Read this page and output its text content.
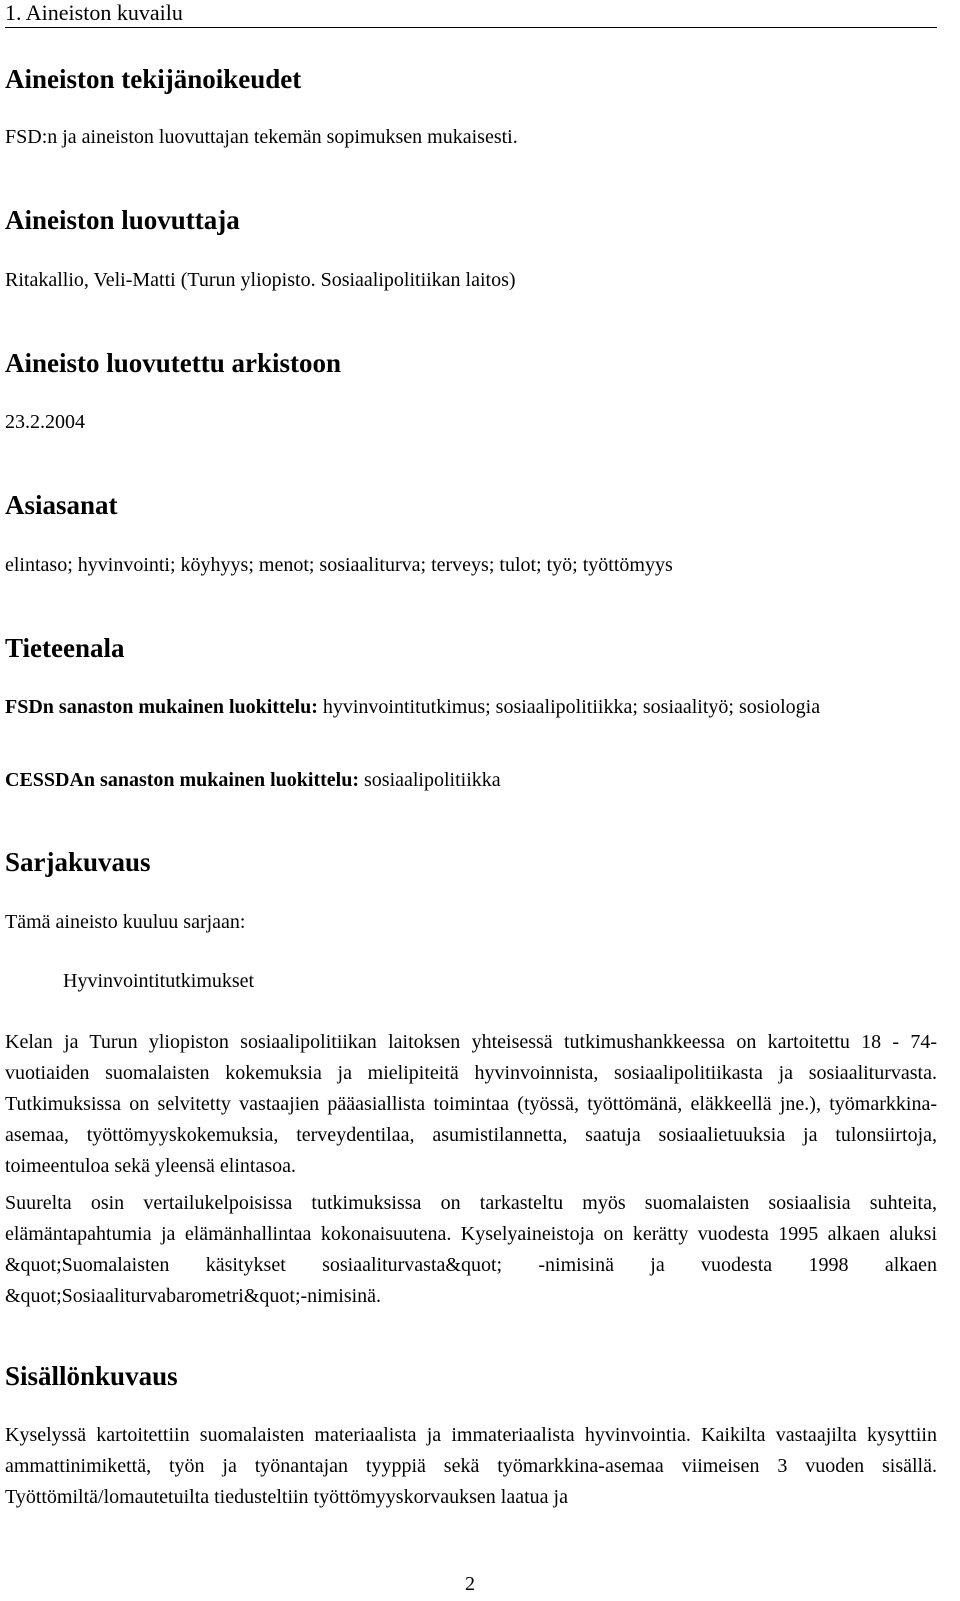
1. Aineiston kuvailu
Aineiston tekijänoikeudet

FSD:n ja aineiston luovuttajan tekemän sopimuksen mukaisesti.

Aineiston luovuttaja

Ritakallio, Veli-Matti (Turun yliopisto. Sosiaalipolitiikan laitos)

Aineisto luovutettu arkistoon

23.2.2004

Asiasanat

elintaso; hyvinvointi; köyhyys; menot; sosiaaliturva; terveys; tulot; työ; työttömyys

Tieteenala

FSDn sanaston mukainen luokittelu: hyvinvointitutkimus; sosiaalipolitiikka; sosiaalityö; sosiologia

CESSDAn sanaston mukainen luokittelu: sosiaalipolitiikka

Sarjakuvaus

Tämä aineisto kuuluu sarjaan:

Hyvinvointitutkimukset

Kelan ja Turun yliopiston sosiaalipolitiikan laitoksen yhteisessä tutkimushankkeessa on kartoitettu 18 - 74-vuotiaiden suomalaisten kokemuksia ja mielipiteitä hyvinvoinnista, sosiaalipolitiikasta ja sosiaaliturvasta. Tutkimuksissa on selvitetty vastaajien pääasiallista toimintaa (työssä, työttömänä, eläkkeellä jne.), työmarkkina-asemaa, työttömyyskokemuksia, terveydentilaa, asumistilannetta, saatuja sosiaalietuuksia ja tulonsiirtoja, toimeentuloa sekä yleensä elintasoa.

Suurelta osin vertailukelpoisissa tutkimuksissa on tarkasteltu myös suomalaisten sosiaalisia suhteita, elämäntapahtumia ja elämänhallintaa kokonaisuutena. Kyselyaineistoja on kerätty vuodesta 1995 alkaen aluksi &quot;Suomalaisten käsitykset sosiaaliturvasta&quot; -nimisinä ja vuodesta 1998 alkaen &quot;Sosiaaliturvabarometri&quot;-nimisinä.

Sisällönkuvaus

Kyselyssä kartoitettiin suomalaisten materiaalista ja immateriaalista hyvinvointia. Kaikilta vastaajilta kysyttiin ammattinimikettä, työn ja työnantajan tyyppiä sekä työmarkkina-asemaa viimeisen 3 vuoden sisällä. Työttömiltä/lomautetuilta tiedusteltiin työttömyyskorvauksen laatua ja

2
